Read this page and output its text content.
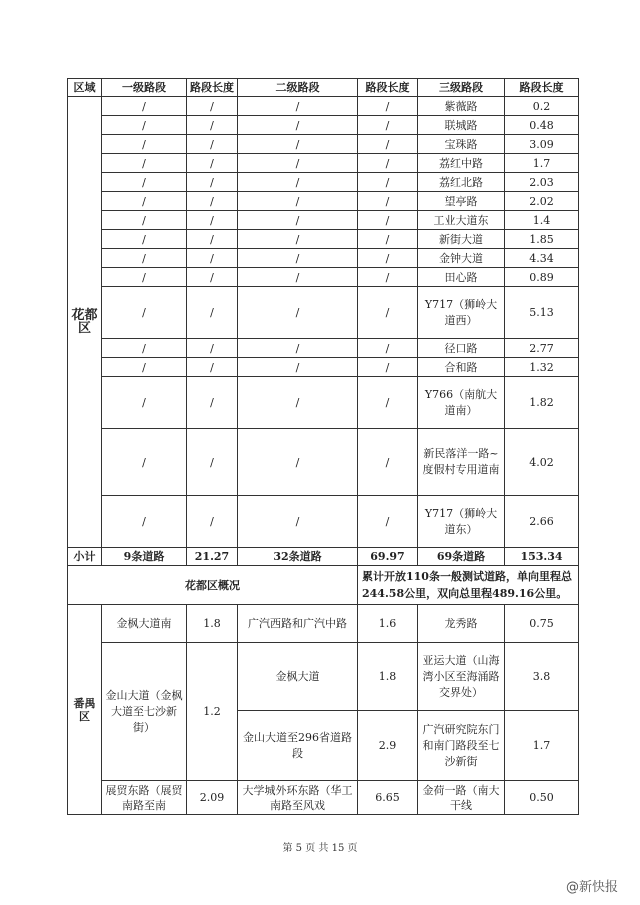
区域	一级路段	路段长度	二级路段	路段长度	三级路段	路段长度
花都区	/	/	/	/	紫薇路	0.2
	/	/	/	/	联城路	0.48
	/	/	/	/	宝珠路	3.09
	/	/	/	/	荔红中路	1.7
	/	/	/	/	荔红北路	2.03
	/	/	/	/	望亭路	2.02
	/	/	/	/	工业大道东	1.4
	/	/	/	/	新街大道	1.85
	/	/	/	/	金钟大道	4.34
	/	/	/	/	田心路	0.89
	/	/	/	/	Y717（狮岭大道西）	5.13
	/	/	/	/	径口路	2.77
	/	/	/	/	合和路	1.32
	/	/	/	/	Y766（南航大道南）	1.82
	/	/	/	/	新民落洋一路~度假村专用道南	4.02
	/	/	/	/	Y717（狮岭大道东）	2.66
小计	9条道路	21.27	32条道路	69.97	69条道路	153.34
花都区概况				累计开放110条一般测试道路，单向里程总244.58公里，双向总里程489.16公里。		
番禺区	金枫大道南	1.8	广汽西路和广汽中路	1.6	龙秀路	0.75
	金山大道（金枫大道至七沙新街）	1.2	金枫大道	1.8	亚运大道（山海湾小区至海涌路交界处）	3.8
			金山大道至296省道路段	2.9	广汽研究院东门和南门路段至七沙新街	1.7
	展贸东路（展贸南路至南	2.09	大学城外环东路（华工南路至风戏	6.65	金荷一路（南大干线	0.50
第 5 页 共 15 页
@新快报
